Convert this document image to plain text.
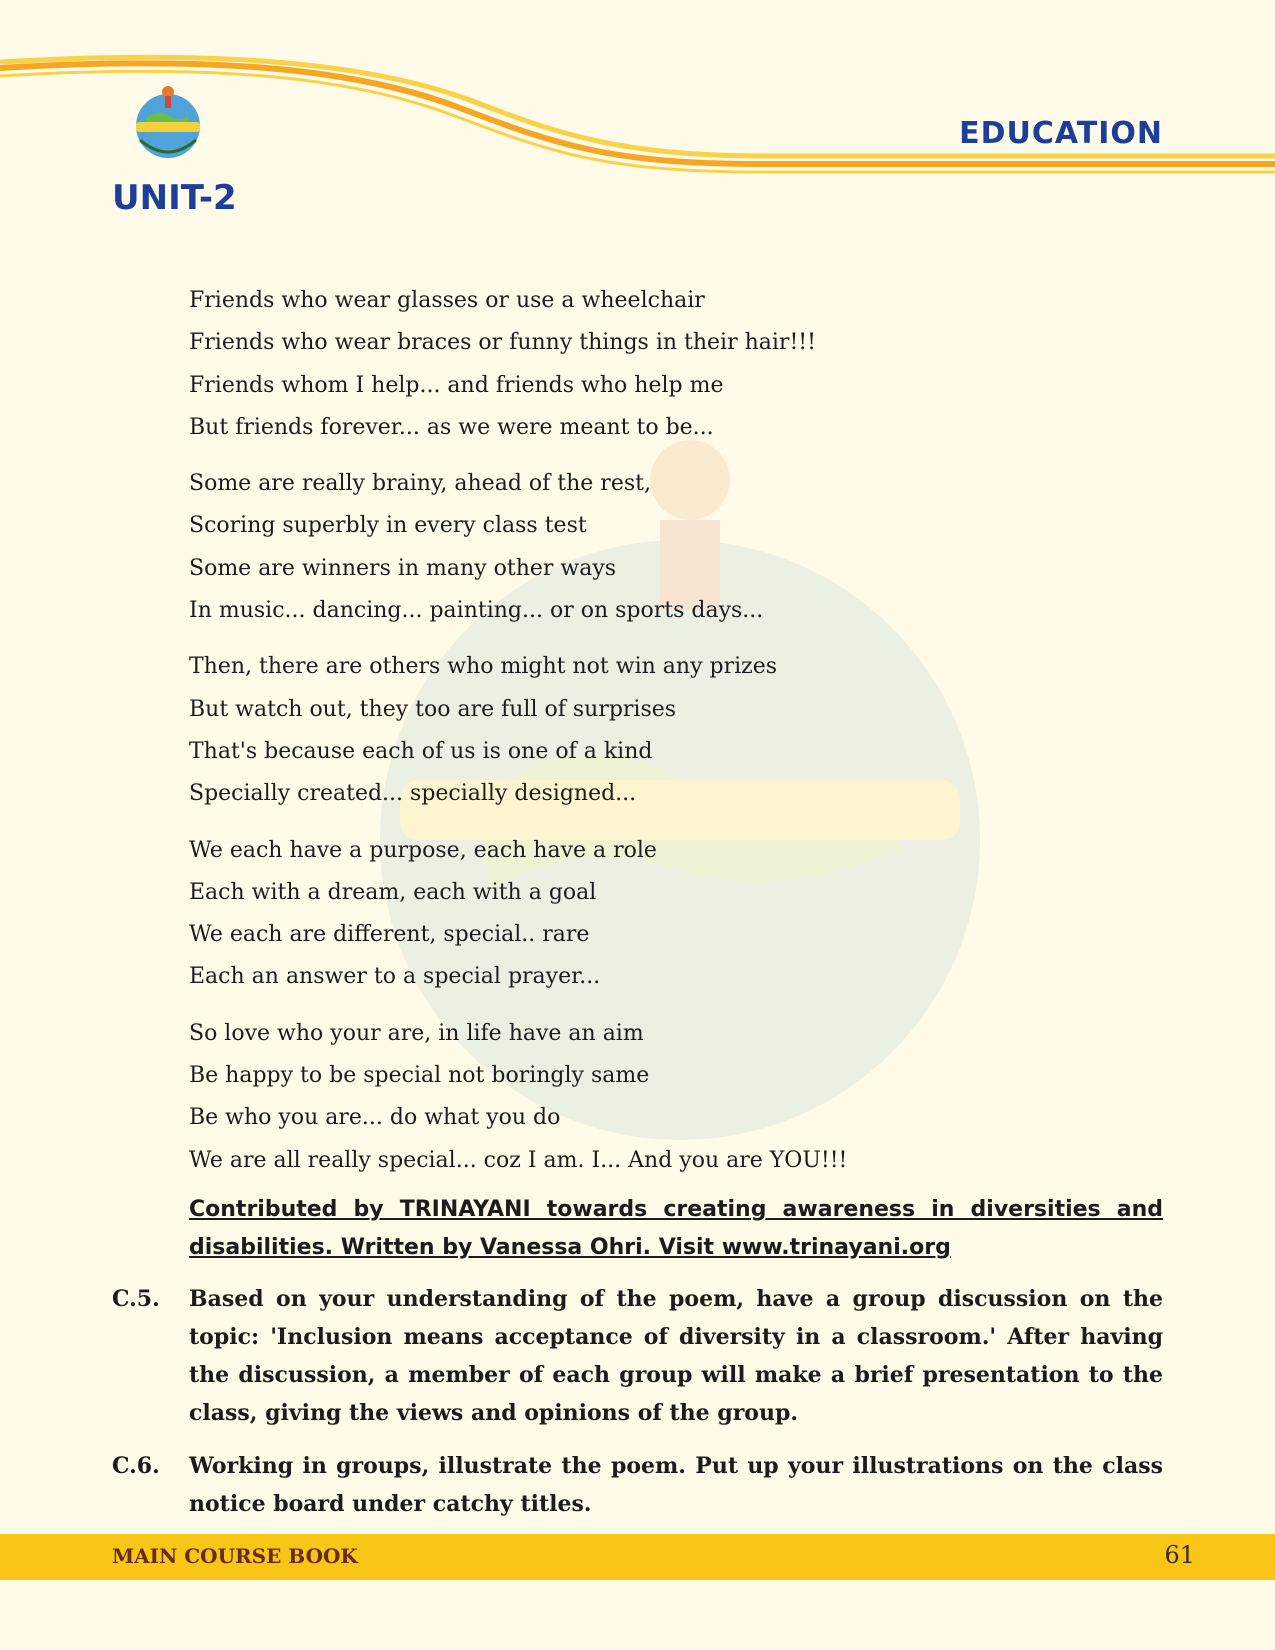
UNIT-2
EDUCATION
Friends who wear glasses or use a wheelchair
Friends who wear braces or funny things in their hair!!!
Friends whom I help... and friends who help me
But friends forever... as we were meant to be...
Some are really brainy, ahead of the rest,
Scoring superbly in every class test
Some are winners in many other ways
In music... dancing... painting... or on sports days...
Then, there are others who might not win any prizes
But watch out, they too are full of surprises
That's because each of us is one of a kind
Specially created... specially designed...
We each have a purpose, each have a role
Each with a dream, each with a goal
We each are different, special.. rare
Each an answer to a special prayer...
So love who your are, in life have an aim
Be happy to be special not boringly same
Be who you are... do what you do
We are all really special... coz I am. I... And you are YOU!!!
Contributed by TRINAYANI towards creating awareness in diversities and disabilities. Written by Vanessa Ohri. Visit www.trinayani.org
C.5. Based on your understanding of the poem, have a group discussion on the topic: 'Inclusion means acceptance of diversity in a classroom.' After having the discussion, a member of each group will make a brief presentation to the class, giving the views and opinions of the group.
C.6. Working in groups, illustrate the poem. Put up your illustrations on the class notice board under catchy titles.
MAIN COURSE BOOK	61
